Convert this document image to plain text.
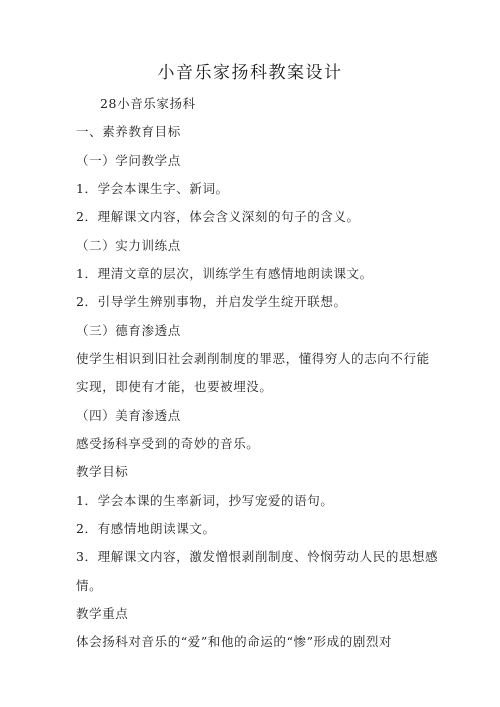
小音乐家扬科教案设计
28小音乐家扬科
一、素养教育目标
（一）学问教学点
1．学会本课生字、新词。
2．理解课文内容，体会含义深刻的句子的含义。
（二）实力训练点
1．理清文章的层次，训练学生有感情地朗读课文。
2．引导学生辨别事物，并启发学生绽开联想。
（三）德育渗透点
使学生相识到旧社会剥削制度的罪恶，懂得穷人的志向不行能
实现，即使有才能，也要被埋没。
（四）美育渗透点
感受扬科享受到的奇妙的音乐。
教学目标
1．学会本课的生率新词，抄写宠爱的语句。
2．有感情地朗读课文。
3．理解课文内容，激发憎恨剥削制度、怜悯劳动人民的思想感
情。
教学重点
体会扬科对音乐的“爱”和他的命运的“惨”形成的剧烈对
